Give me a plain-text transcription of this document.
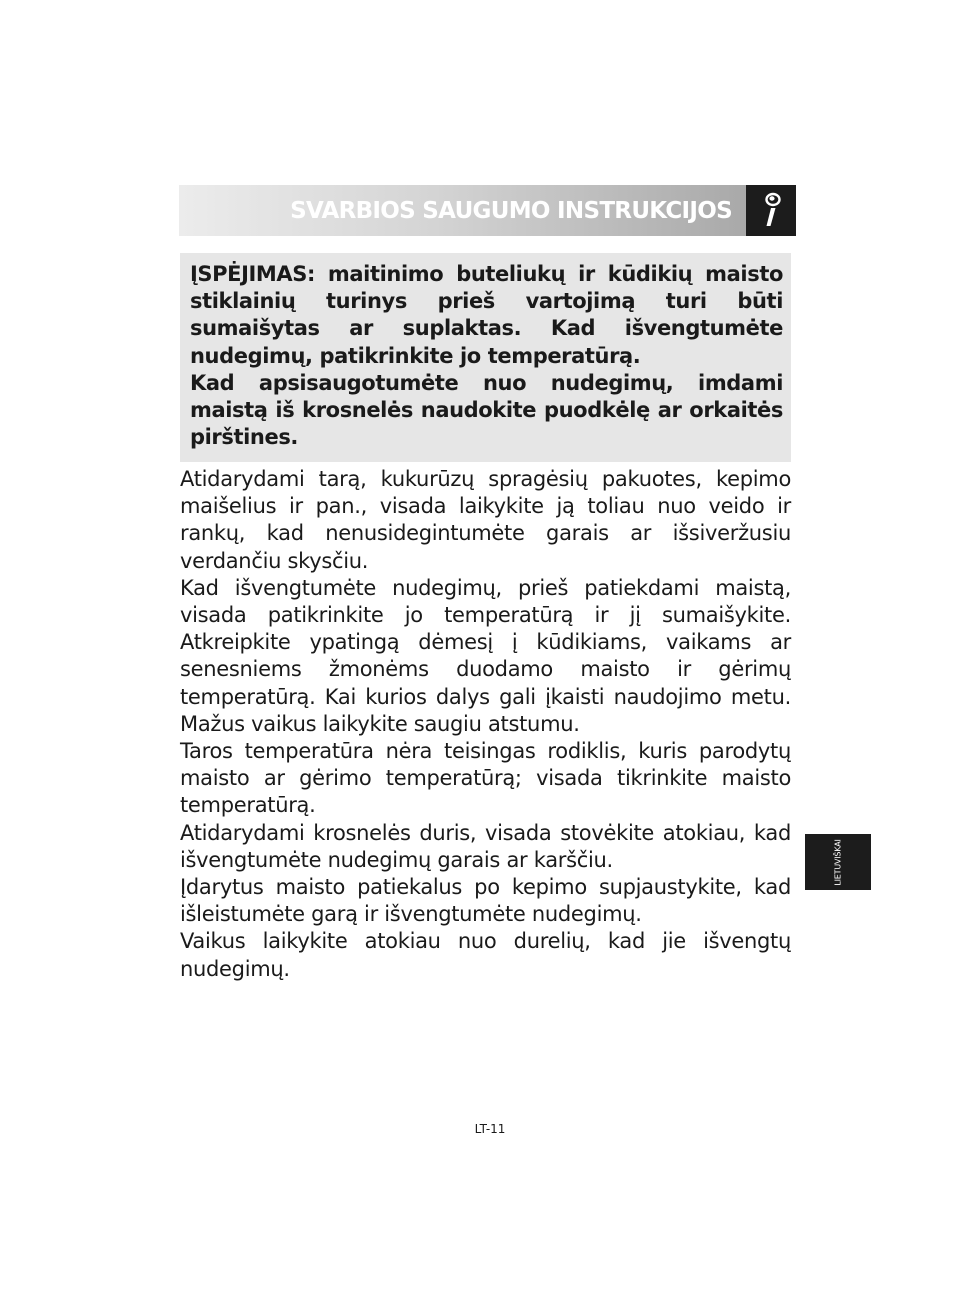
SVARBIOS SAUGUMO INSTRUKCIJOS

ĮSPĖJIMAS: maitinimo buteliukų ir kūdikių maisto stiklainių turinys prieš vartojimą turi būti sumaišytas ar suplaktas. Kad išvengtumėte nudegimų, patikrinkite jo temperatūrą.

Kad apsisaugotumėte nuo nudegimų, imdami maistą iš krosnelės naudokite puodkėlę ar orkaitės pirštines.

Atidarydami tarą, kukurūzų spragėsių pakuotes, kepimo maišelius ir pan., visada laikykite ją toliau nuo veido ir rankų, kad nenusidegintumėte garais ar išsiveržusiu verdančiu skysčiu.

Kad išvengtumėte nudegimų, prieš patiekdami maistą, visada patikrinkite jo temperatūrą ir jį sumaišykite. Atkreipkite ypatingą dėmesį į kūdikiams, vaikams ar senesniems žmonėms duodamo maisto ir gėrimų temperatūrą. Kai kurios dalys gali įkaisti naudojimo metu. Mažus vaikus laikykite saugiu atstumu.

Taros temperatūra nėra teisingas rodiklis, kuris parodytų maisto ar gėrimo temperatūrą; visada tikrinkite maisto temperatūrą.

Atidarydami krosnelės duris, visada stovėkite atokiau, kad išvengtumėte nudegimų garais ar karščiu.

Įdarytus maisto patiekalus po kepimo supjaustykite, kad išleistumėte garą ir išvengtumėte nudegimų.

Vaikus laikykite atokiau nuo durelių, kad jie išvengtų nudegimų.

LIETUVIŠKAI
LT-11
